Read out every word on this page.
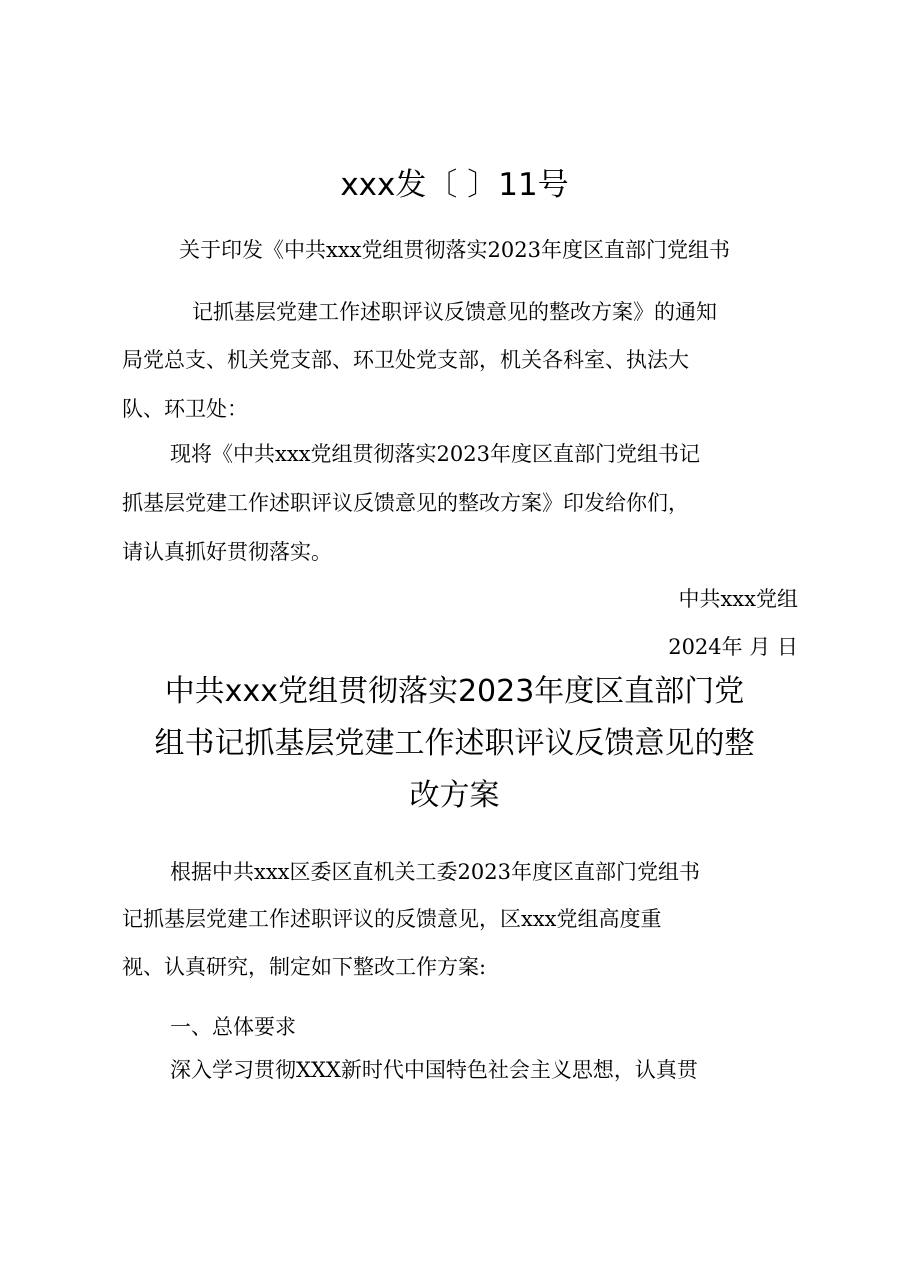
xxx发〔 〕11号

关于印发《中共xxx党组贯彻落实2023年度区直部门党组书

记抓基层党建工作述职评议反馈意见的整改方案》的通知

局党总支、机关党支部、环卫处党支部，机关各科室、执法大

队、环卫处：

现将《中共xxx党组贯彻落实2023年度区直部门党组书记

抓基层党建工作述职评议反馈意见的整改方案》印发给你们，

请认真抓好贯彻落实。

中共xxx党组

2024年 月 日

中共xxx党组贯彻落实2023年度区直部门党

组书记抓基层党建工作述职评议反馈意见的整

改方案

根据中共xxx区委区直机关工委2023年度区直部门党组书

记抓基层党建工作述职评议的反馈意见，区xxx党组高度重

视、认真研究，制定如下整改工作方案:

一、总体要求

深入学习贯彻XXX新时代中国特色社会主义思想，认真贯
